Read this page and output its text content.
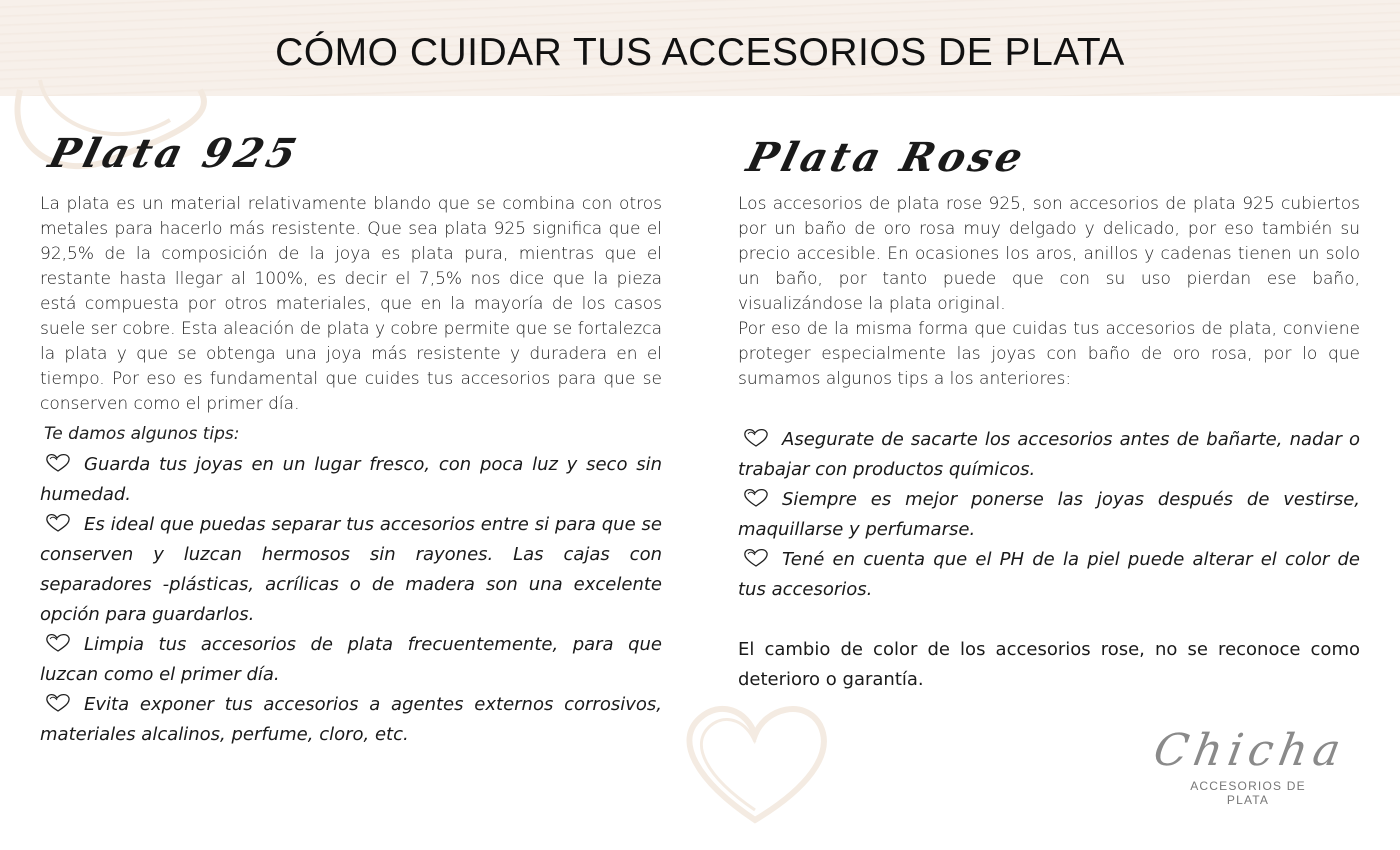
CÓMO CUIDAR TUS ACCESORIOS DE PLATA
Plata 925

La plata es un material relativamente blando que se combina con otros metales para hacerlo más resistente. Que sea plata 925 significa que el 92,5% de la composición de la joya es plata pura, mientras que el restante hasta llegar al 100%, es decir el 7,5% nos dice que la pieza está compuesta por otros materiales, que en la mayoría de los casos suele ser cobre. Esta aleación de plata y cobre permite que se fortalezca la plata y que se obtenga una joya más resistente y duradera en el tiempo. Por eso es fundamental que cuides tus accesorios para que se conserven como el primer día.

Te damos algunos tips:

Guarda tus joyas en un lugar fresco, con poca luz y seco sin humedad.

Es ideal que puedas separar tus accesorios entre si para que se conserven y luzcan hermosos sin rayones. Las cajas con separadores -plásticas, acrílicas o de madera son una excelente opción para guardarlos.

Limpia tus accesorios de plata frecuentemente, para que luzcan como el primer día.

Evita exponer tus accesorios a agentes externos corrosivos, materiales alcalinos, perfume, cloro, etc.

Plata Rose

Los accesorios de plata rose 925, son accesorios de plata 925 cubiertos por un baño de oro rosa muy delgado y delicado, por eso también su precio accesible. En ocasiones los aros, anillos y cadenas tienen un solo un baño, por tanto puede que con su uso pierdan ese baño, visualizándose la plata original.

Por eso de la misma forma que cuidas tus accesorios de plata, conviene proteger especialmente las joyas con baño de oro rosa, por lo que sumamos algunos tips a los anteriores:

Asegurate de sacarte los accesorios antes de bañarte, nadar o trabajar con productos químicos.

Siempre es mejor ponerse las joyas después de vestirse, maquillarse y perfumarse.

Tené en cuenta que el PH de la piel puede alterar el color de tus accesorios.

El cambio de color de los accesorios rose, no se reconoce como deterioro o garantía.

Chicha
ACCESORIOS DE PLATA
